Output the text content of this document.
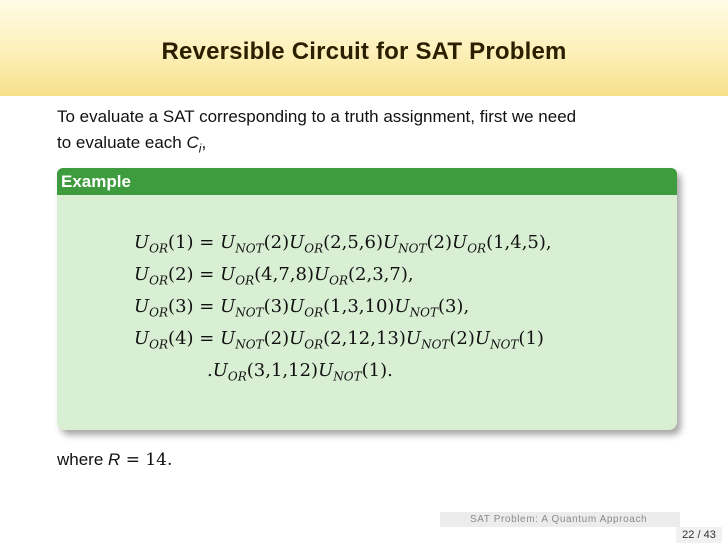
Reversible Circuit for SAT Problem
To evaluate a SAT corresponding to a truth assignment, first we need
to evaluate each $C_i$,
Example
$U_{OR}(1) = U_{NOT}(2)U_{OR}(2,5,6)U_{NOT}(2)U_{OR}(1,4,5)$,
$U_{OR}(2) = U_{OR}(4,7,8)U_{OR}(2,3,7)$,
$U_{OR}(3) = U_{NOT}(3)U_{OR}(1,3,10)U_{NOT}(3)$,
$U_{OR}(4) = U_{NOT}(2)U_{OR}(2,12,13)U_{NOT}(2)U_{NOT}(1)$
$.U_{OR}(3,1,12)U_{NOT}(1)$.
where R = 14.
SAT Problem: A Quantum Approach
22 / 43
